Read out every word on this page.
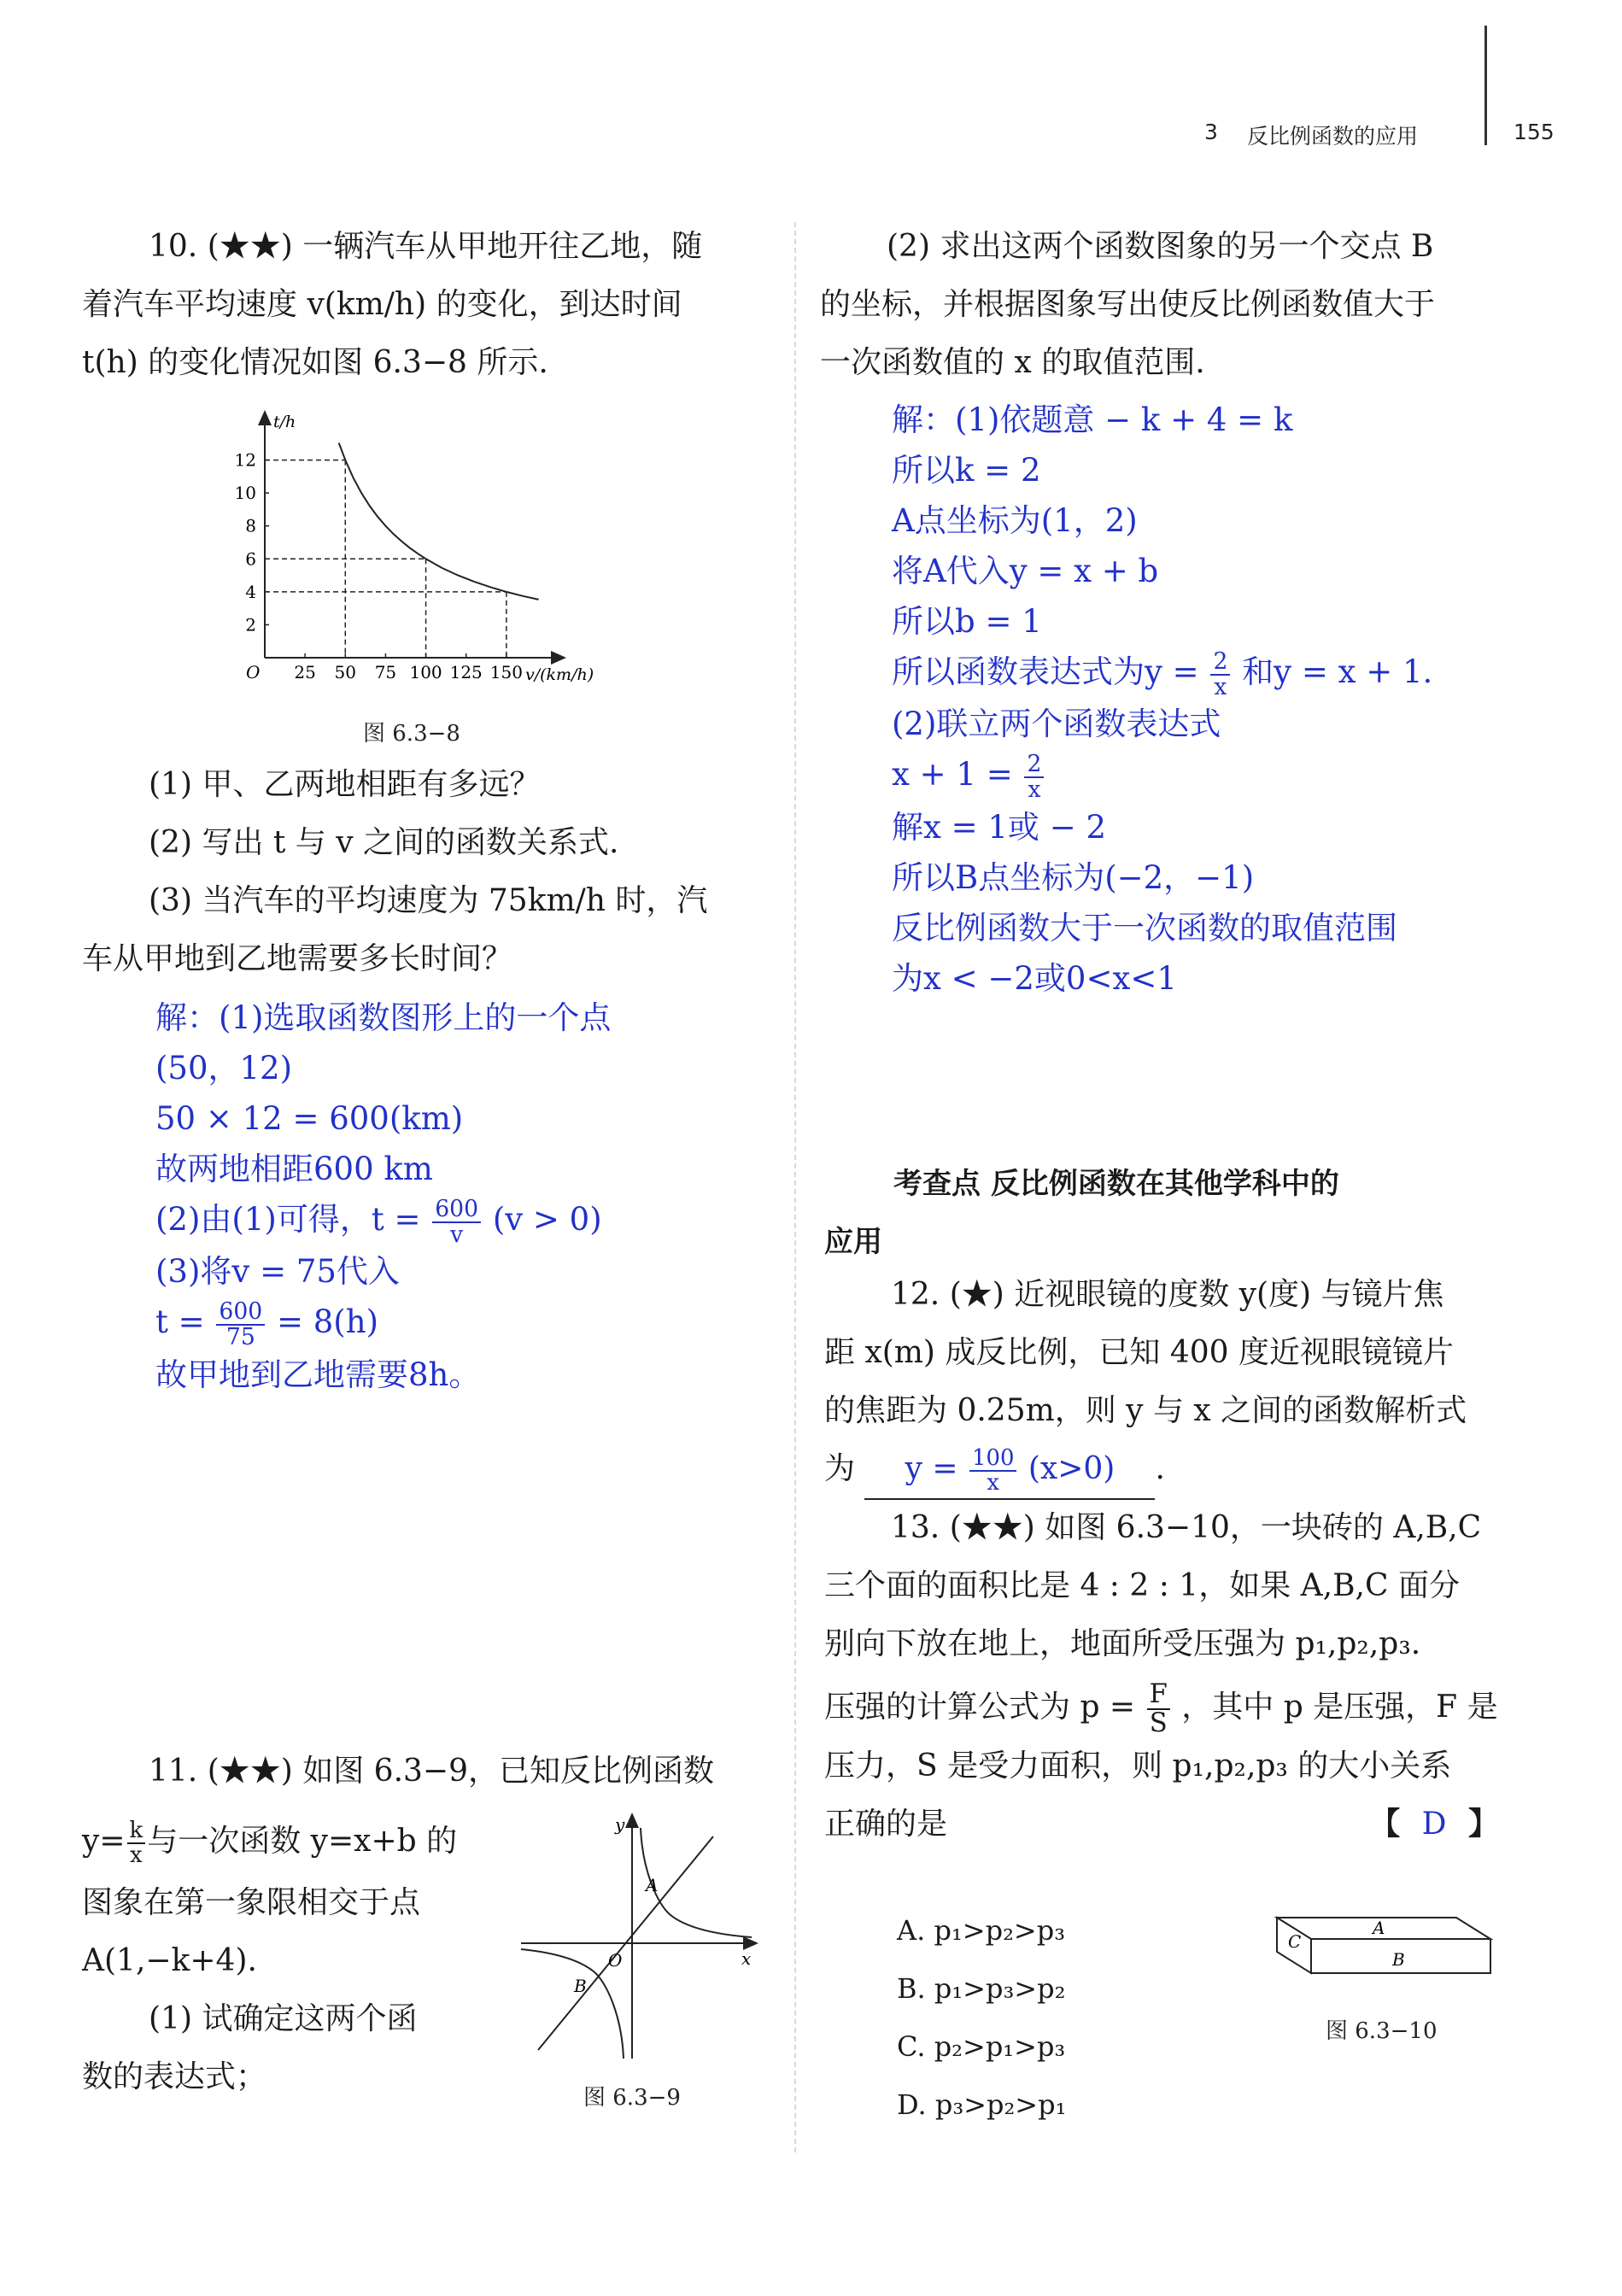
3 反比例函数的应用	155
10. (★★) 一辆汽车从甲地开往乙地，随
着汽车平均速度 v(km/h) 的变化，到达时间
t(h) 的变化情况如图 6.3−8 所示.
25 50 75 100 125 150
2
4
6
8
10
12
O	v/(km/h)
t/h
图 6.3−8
(1) 甲、乙两地相距有多远？
(2) 写出 t 与 v 之间的函数关系式.
(3) 当汽车的平均速度为 75km/h 时，汽
车从甲地到乙地需要多长时间？
解：(1)选取函数图形上的一个点
(50，12)
50 × 12 = 600(km)
故两地相距600 km
(2)由(1)可得，$t = \frac{600}{v} (v > 0)$
(3)将v = 75代入
$t = \frac{600}{75} = 8(h)$
故甲地到乙地需要8h。
11. (★★) 如图 6.3−9，已知反比例函数
$y= \frac{k}{x}$ 与一次函数 y=x+b 的
图象在第一象限相交于点
A(1,−k+4).
(1) 试确定这两个函
数的表达式；
y
x
O
A
B
图 6.3−9
(2) 求出这两个函数图象的另一个交点 B
的坐标，并根据图象写出使反比例函数值大于
一次函数值的 x 的取值范围.
解：(1)依题意 − k + 4 = k
所以k = 2
A点坐标为(1，2)
将A代入y = x + b
所以b = 1
所以函数表达式为$y = \frac{2}{x}$ 和y = x + 1.
(2)联立两个函数表达式
$x + 1 = \frac{2}{x}$
解x = 1或 − 2
所以B点坐标为(−2，−1)
反比例函数大于一次函数的取值范围
为x < −2或0<x<1
考查点 反比例函数在其他学科中的
应用
12. (★) 近视眼镜的度数 y(度) 与镜片焦
距 x(m) 成反比例，已知 400 度近视眼镜镜片
的焦距为 0.25m，则 y 与 x 之间的函数解析式
为 $y = \frac{100}{x} (x>0)$ .
13. (★★) 如图 6.3−10，一块砖的 A,B,C
三个面的面积比是 4 : 2 : 1，如果 A,B,C 面分
别向下放在地上，地面所受压强为 p₁,p₂,p₃.
压强的计算公式为 $p = \frac{F}{S}$ ，其中 p 是压强，F 是
压力，S 是受力面积，则 p₁,p₂,p₃ 的大小关系
正确的是	【 D 】
A. p₁>p₂>p₃
B. p₁>p₃>p₂
C. p₂>p₁>p₃
D. p₃>p₂>p₁
A
B
C
图 6.3−10
